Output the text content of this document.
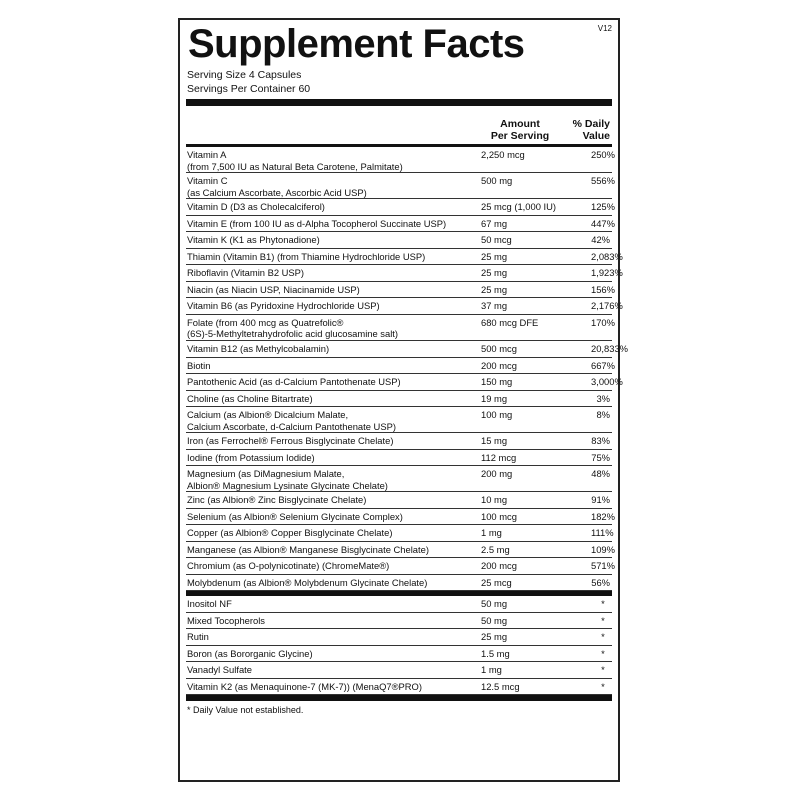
V12
Supplement Facts
Serving Size 4 Capsules
Servings Per Container 60
Amount
Per Serving
% Daily
Value
Vitamin A
(from 7,500 IU as Natural Beta Carotene, Palmitate)
2,250 mcg	250%
Vitamin C
(as Calcium Ascorbate, Ascorbic Acid USP)
500 mg	556%
Vitamin D (D3 as Cholecalciferol)	25 mcg (1,000 IU)	125%
Vitamin E (from 100 IU as d-Alpha Tocopherol Succinate USP)	67 mg	447%
Vitamin K (K1 as Phytonadione)	50 mcg	42%
Thiamin (Vitamin B1) (from Thiamine Hydrochloride USP)	25 mg	2,083%
Riboflavin (Vitamin B2 USP)	25 mg	1,923%
Niacin (as Niacin USP, Niacinamide USP)	25 mg	156%
Vitamin B6 (as Pyridoxine Hydrochloride USP)	37 mg	2,176%
Folate (from 400 mcg as Quatrefolic®
(6S)-5-Methyltetrahydrofolic acid glucosamine salt)
680 mcg DFE	170%
Vitamin B12 (as Methylcobalamin)	500 mcg	20,833%
Biotin	200 mcg	667%
Pantothenic Acid (as d-Calcium Pantothenate USP)	150 mg	3,000%
Choline (as Choline Bitartrate)	19 mg	3%
Calcium (as Albion® Dicalcium Malate,
Calcium Ascorbate, d-Calcium Pantothenate USP)
100 mg	8%
Iron (as Ferrochel® Ferrous Bisglycinate Chelate)	15 mg	83%
Iodine (from Potassium Iodide)	112 mcg	75%
Magnesium (as DiMagnesium Malate,
Albion® Magnesium Lysinate Glycinate Chelate)
200 mg	48%
Zinc (as Albion® Zinc Bisglycinate Chelate)	10 mg	91%
Selenium (as Albion® Selenium Glycinate Complex)	100 mcg	182%
Copper (as Albion® Copper Bisglycinate Chelate)	1 mg	111%
Manganese (as Albion® Manganese Bisglycinate Chelate)	2.5 mg	109%
Chromium (as O-polynicotinate) (ChromeMate®)	200 mcg	571%
Molybdenum (as Albion® Molybdenum Glycinate Chelate)	25 mcg	56%
Inositol NF	50 mg	*
Mixed Tocopherols	50 mg	*
Rutin	25 mg	*
Boron (as Bororganic Glycine)	1.5 mg	*
Vanadyl Sulfate	1 mg	*
Vitamin K2 (as Menaquinone-7 (MK-7)) (MenaQ7®PRO)	12.5 mcg	*
* Daily Value not established.
